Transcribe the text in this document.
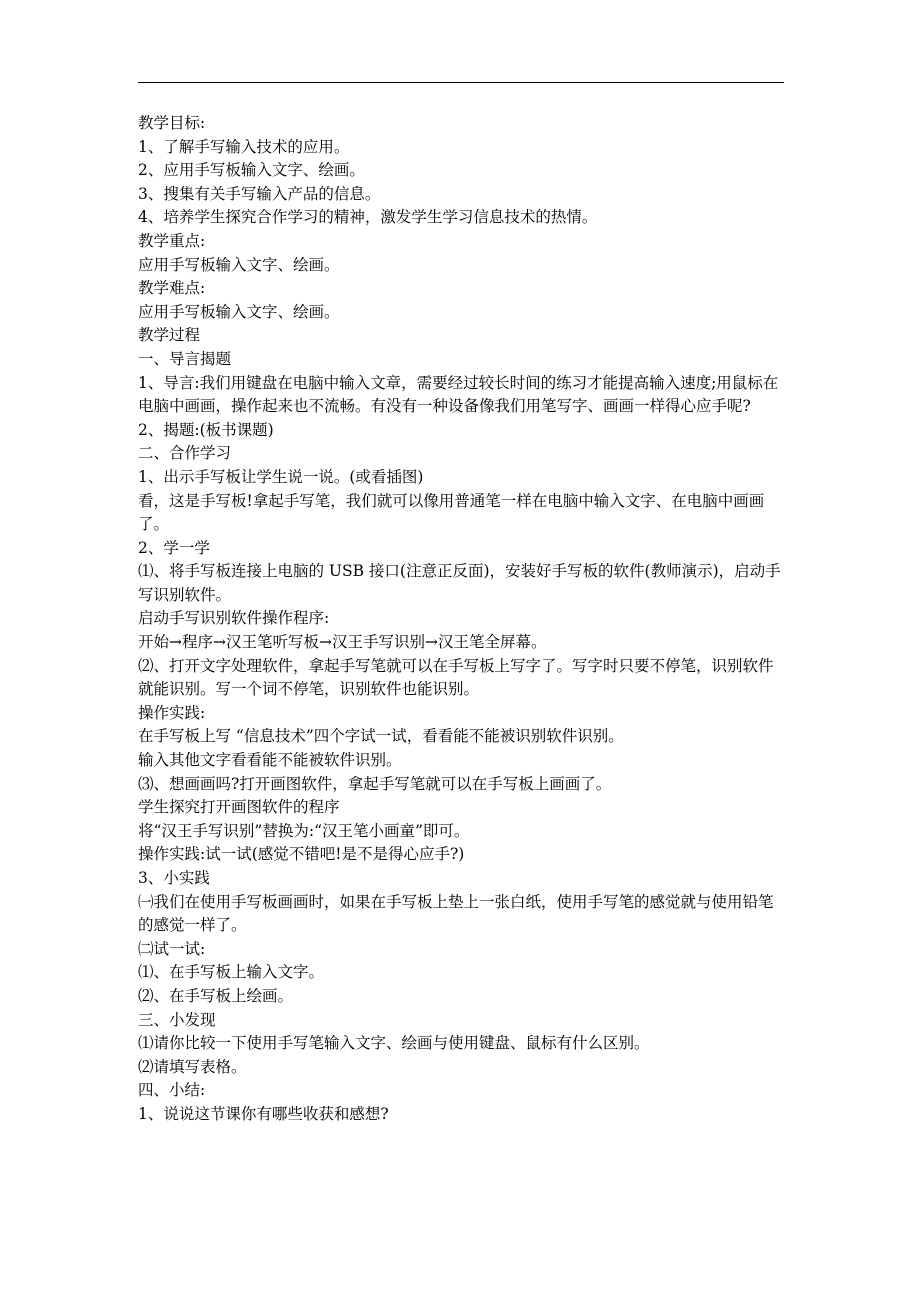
教学目标:

1、了解手写输入技术的应用。

2、应用手写板输入文字、绘画。

3、搜集有关手写输入产品的信息。

4、培养学生探究合作学习的精神，激发学生学习信息技术的热情。

教学重点:

应用手写板输入文字、绘画。

教学难点:

应用手写板输入文字、绘画。

教学过程

一、导言揭题

1、导言:我们用键盘在电脑中输入文章，需要经过较长时间的练习才能提高输入速度;用鼠标在电脑中画画，操作起来也不流畅。有没有一种设备像我们用笔写字、画画一样得心应手呢?

2、揭题:(板书课题)

二、合作学习

1、出示手写板让学生说一说。(或看插图)

看，这是手写板!拿起手写笔，我们就可以像用普通笔一样在电脑中输入文字、在电脑中画画了。

2、学一学

⑴、将手写板连接上电脑的 USB 接口(注意正反面)，安装好手写板的软件(教师演示)，启动手写识别软件。

启动手写识别软件操作程序:

开始→程序→汉王笔听写板→汉王手写识别→汉王笔全屏幕。

⑵、打开文字处理软件，拿起手写笔就可以在手写板上写字了。写字时只要不停笔，识别软件就能识别。写一个词不停笔，识别软件也能识别。

操作实践:

在手写板上写 “信息技术”四个字试一试，看看能不能被识别软件识别。

输入其他文字看看能不能被软件识别。

⑶、想画画吗?打开画图软件，拿起手写笔就可以在手写板上画画了。

学生探究打开画图软件的程序

将“汉王手写识别”替换为:“汉王笔小画童”即可。

操作实践:试一试(感觉不错吧!是不是得心应手?)

3、小实践

㈠我们在使用手写板画画时，如果在手写板上垫上一张白纸，使用手写笔的感觉就与使用铅笔的感觉一样了。

㈡试一试:

⑴、在手写板上输入文字。

⑵、在手写板上绘画。

三、小发现

⑴请你比较一下使用手写笔输入文字、绘画与使用键盘、鼠标有什么区别。

⑵请填写表格。

四、小结:

1、说说这节课你有哪些收获和感想?
